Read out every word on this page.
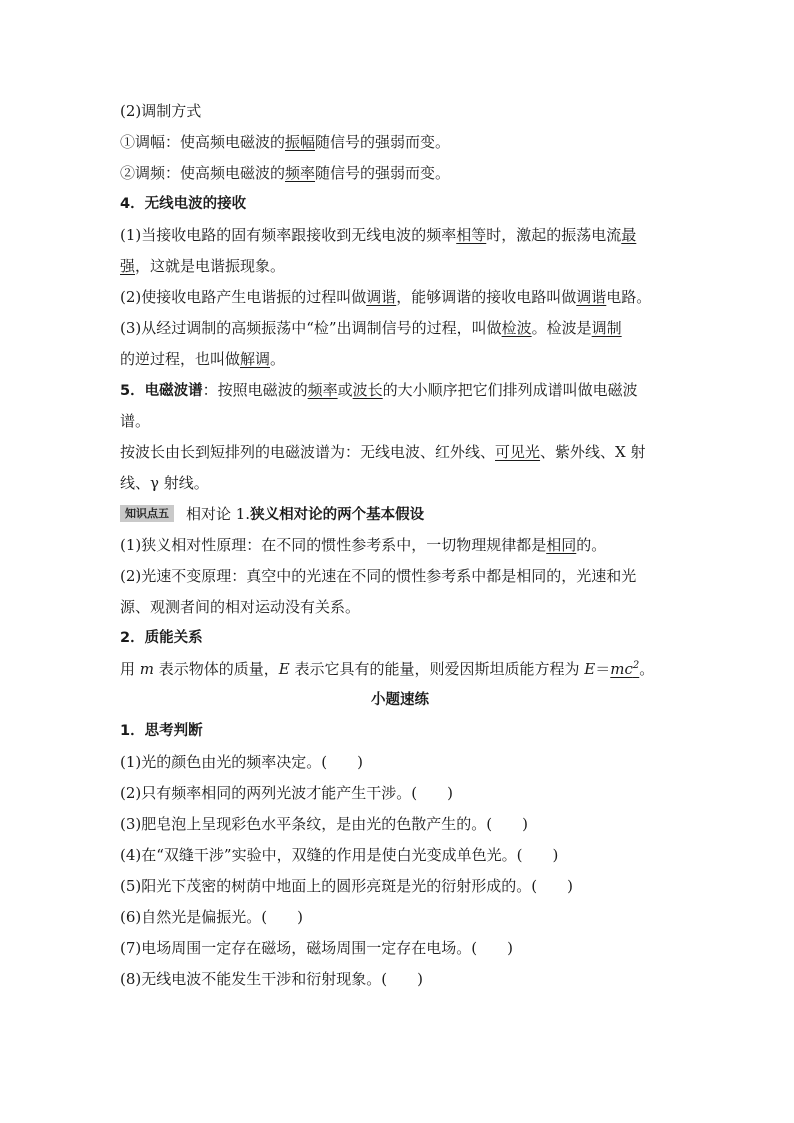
(2)调制方式
①调幅：使高频电磁波的振幅随信号的强弱而变。
②调频：使高频电磁波的频率随信号的强弱而变。
4．无线电波的接收
(1)当接收电路的固有频率跟接收到无线电波的频率相等时，激起的振荡电流最
强，这就是电谐振现象。
(2)使接收电路产生电谐振的过程叫做调谐，能够调谐的接收电路叫做调谐电路。
(3)从经过调制的高频振荡中“检”出调制信号的过程，叫做检波。检波是调制
的逆过程，也叫做解调。
5．电磁波谱：按照电磁波的频率或波长的大小顺序把它们排列成谱叫做电磁波
谱。
按波长由长到短排列的电磁波谱为：无线电波、红外线、可见光、紫外线、X 射
线、γ 射线。
知识点五 相对论 1.狭义相对论的两个基本假设
(1)狭义相对性原理：在不同的惯性参考系中，一切物理规律都是相同的。
(2)光速不变原理：真空中的光速在不同的惯性参考系中都是相同的，光速和光
源、观测者间的相对运动没有关系。
2．质能关系
用 m 表示物体的质量，E 表示它具有的能量，则爱因斯坦质能方程为 $E=mc^2$。
小题速练
1．思考判断
(1)光的颜色由光的频率决定。(　　)
(2)只有频率相同的两列光波才能产生干涉。(　　)
(3)肥皂泡上呈现彩色水平条纹，是由光的色散产生的。(　　)
(4)在“双缝干涉”实验中，双缝的作用是使白光变成单色光。(　　)
(5)阳光下茂密的树荫中地面上的圆形亮斑是光的衍射形成的。(　　)
(6)自然光是偏振光。(　　)
(7)电场周围一定存在磁场，磁场周围一定存在电场。(　　)
(8)无线电波不能发生干涉和衍射现象。(　　)
